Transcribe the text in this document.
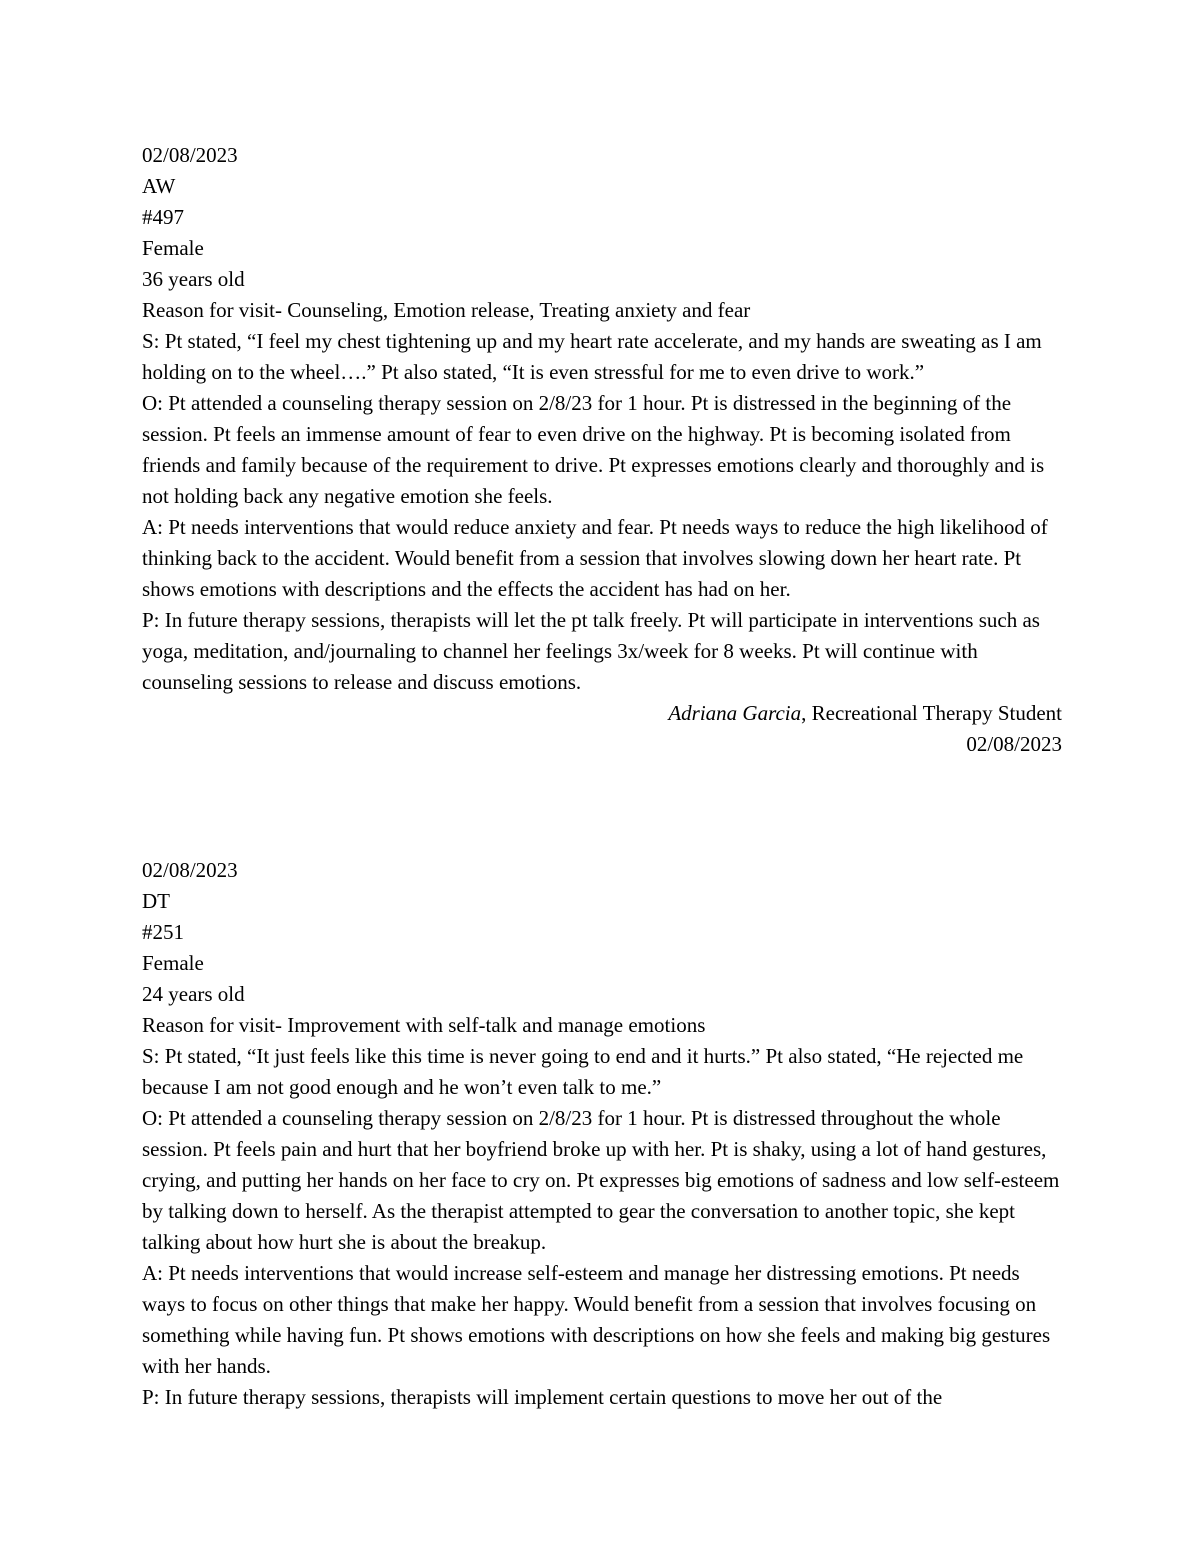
02/08/2023

AW

#497

Female

36 years old

Reason for visit- Counseling, Emotion release, Treating anxiety and fear

S: Pt stated, “I feel my chest tightening up and my heart rate accelerate, and my hands are sweating as I am holding on to the wheel….” Pt also stated, “It is even stressful for me to even drive to work.”

O: Pt attended a counseling therapy session on 2/8/23 for 1 hour. Pt is distressed in the beginning of the session. Pt feels an immense amount of fear to even drive on the highway. Pt is becoming isolated from friends and family because of the requirement to drive. Pt expresses emotions clearly and thoroughly and is not holding back any negative emotion she feels.

A: Pt needs interventions that would reduce anxiety and fear. Pt needs ways to reduce the high likelihood of thinking back to the accident. Would benefit from a session that involves slowing down her heart rate. Pt shows emotions with descriptions and the effects the accident has had on her.

P: In future therapy sessions, therapists will let the pt talk freely. Pt will participate in interventions such as yoga, meditation, and/journaling to channel her feelings 3x/week for 8 weeks. Pt will continue with counseling sessions to release and discuss emotions.

Adriana Garcia, Recreational Therapy Student

02/08/2023

02/08/2023

DT

#251

Female

24 years old

Reason for visit- Improvement with self-talk and manage emotions

S: Pt stated, “It just feels like this time is never going to end and it hurts.” Pt also stated, “He rejected me because I am not good enough and he won’t even talk to me.”

O: Pt attended a counseling therapy session on 2/8/23 for 1 hour. Pt is distressed throughout the whole session. Pt feels pain and hurt that her boyfriend broke up with her. Pt is shaky, using a lot of hand gestures, crying, and putting her hands on her face to cry on. Pt expresses big emotions of sadness and low self-esteem by talking down to herself. As the therapist attempted to gear the conversation to another topic, she kept talking about how hurt she is about the breakup.

A: Pt needs interventions that would increase self-esteem and manage her distressing emotions. Pt needs ways to focus on other things that make her happy. Would benefit from a session that involves focusing on something while having fun. Pt shows emotions with descriptions on how she feels and making big gestures with her hands.

P: In future therapy sessions, therapists will implement certain questions to move her out of the
